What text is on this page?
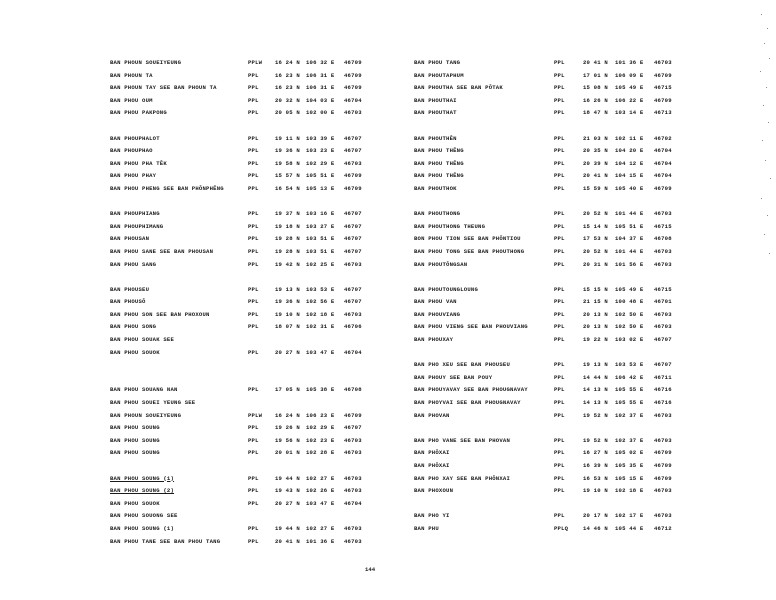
BAN PHOUN SOUEIYEUNG	PPLW 16 24 N 106 32 E 46709
BAN PHOUN TA	PPL	16 23 N 106 31 E 46709
BAN PHOUN TAY SEE BAN PHOUN TA	PPL	16 23 N 106 31 E 46709
BAN PHOU OUM	PPL	20 32 N 104 03 E 46704
BAN PHOU PAKPONG	PPL	20 05 N 102 00 E 46703
BAN PHOUPHALOT	PPL	19 11 N 103 39 E 46707
BAN PHOUPHAO	PPL	19 36 N 103 23 E 46707
BAN PHOU PHA TÊK	PPL	19 58 N 102 29 E 46703
BAN PHOU PHAY	PPL	15 57 N 105 51 E 46709
BAN PHOU PHENG SEE BAN PHÔNPHÊNG	PPL	16 54 N 105 13 E 46709
BAN PHOUPHIANG	PPL	19 37 N 103 16 E 46707
BAN PHOUPHIMANG	PPL	19 18 N 103 27 E 46707
BAN PHOUSAN	PPL	19 28 N 103 51 E 46707
BAN PHOU SANE SEE BAN PHOUSAN	PPL	19 28 N 103 51 E 46707
BAN PHOU SANG	PPL	19 42 N 102 25 E 46703
BAN PHOUSEU	PPL	19 13 N 103 53 E 46707
BAN PHOUSÔ	PPL	19 36 N 102 56 E 46707
BAN PHOU SON SEE BAN PHOXOUN	PPL	19 10 N 102 18 E 46703
BAN PHOU SONG	PPL	18 07 N 102 31 E 46706
BAN PHOU SOUAK SEE
BAN PHOU SOUOK	PPL	20 27 N 103 47 E 46704
BAN PHOU SOUANG NAN	PPL	17 05 N 105 38 E 46708
BAN PHOU SOUEI YEUNG SEE
BAN PHOUN SOUEIYEUNG	PPLW 16 24 N 106 23 E 46709
BAN PHOU SOUNG	PPL	19 26 N 102 29 E 46707
BAN PHOU SOUNG	PPL	19 56 N 102 23 E 46703
BAN PHOU SOUNG	PPL	20 01 N 102 28 E 46703
BAN PHOU SOUNG (1)	PPL	19 44 N 102 27 E 46703
BAN PHOU SOUNG (2)	PPL	19 43 N 102 26 E 46703
BAN PHOU SOUOK	PPL	20 27 N 103 47 E 46704
BAN PHOU SOUONG SEE
BAN PHOU SOUNG (1)	PPL	19 44 N 102 27 E 46703
BAN PHOU TANE SEE BAN PHOU TANG	PPL	20 41 N 101 36 E 46703
BAN PHOU TANG	PPL	20 41 N 101 36 E 46703
BAN PHOUTAPHUM	PPL	17 01 N 106 09 E 46709
BAN PHOUTHA SEE BAN PÔTAK	PPL	15 08 N 105 49 E 46715
BAN PHOUTHAI	PPL	16 26 N 106 22 E 46709
BAN PHOUTHAT	PPL	18 47 N 103 14 E 46713
BAN PHOUTHÊN	PPL	21 03 N 102 11 E 46702
BAN PHOU THÊNG	PPL	20 35 N 104 20 E 46704
BAN PHOU THÊNG	PPL	20 39 N 104 12 E 46704
BAN PHOU THÊNG	PPL	20 41 N 104 15 E 46704
BAN PHOUTHOK	PPL	15 59 N 105 40 E 46709
BAN PHOUTHONG	PPL	20 52 N 101 44 E 46703
BAN PHOUTHONG THEUNG	PPL	15 14 N 105 51 E 46715
BON PHOU TION SEE BAN PHÔNTIOU	PPL	17 53 N 104 37 E 46708
BAN PHOU TONG SEE BAN PHOUTHONG	PPL	20 52 N 101 44 E 46703
BAN PHOUTÔNGSAN	PPL	20 31 N 101 56 E 46703
BAN PHOUTOUNGLOUNG	PPL	15 15 N 105 49 E 46715
BAN PHOU VAN	PPL	21 15 N 100 48 E 46701
BAN PHOUVIANG	PPL	20 13 N 102 50 E 46703
BAN PHOU VIENG SEE BAN PHOUVIANG	PPL	20 13 N 102 50 E 46703
BAN PHOUXAY	PPL	19 22 N 103 02 E 46707
BAN PHO XEU SEE BAN PHOUSEU	PPL	19 13 N 103 53 E 46707
BAN PHOUY SEE BAN POUY	PPL	14 44 N 106 42 E 46711
BAN PHOUYAVAY SEE BAN PHOUGNAVAY	PPL	14 13 N 105 55 E 46716
BAN PHOYVAI SEE BAN PHOUGNAVAY	PPL	14 13 N 105 55 E 46716
BAN PHOVAN	PPL	19 52 N 102 37 E 46703
BAN PHO VANE SEE BAN PHOVAN	PPL	19 52 N 102 37 E 46703
BAN PHÔXAI	PPL	16 27 N 105 02 E 46709
BAN PHÔXAI	PPL	16 39 N 105 35 E 46709
BAN PHO XAY SEE BAN PHÔNXAI	PPL	16 53 N 105 15 E 46709
BAN PHOXOUN	PPL	19 10 N 102 18 E 46703
BAN PHO YI	PPL	20 17 N 102 17 E 46703
BAN PHU	PPLQ	14 46 N 105 44 E 46712
144
